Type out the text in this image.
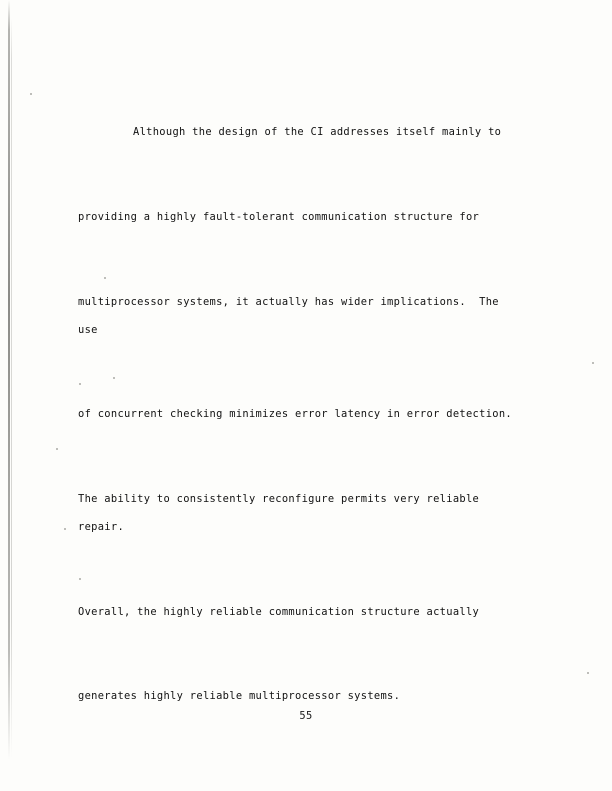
Although the design of the CI addresses itself mainly to

providing a highly fault-tolerant communication structure for

multiprocessor systems, it actually has wider implications.  The use

of concurrent checking minimizes error latency in error detection.

The ability to consistently reconfigure permits very reliable repair.

Overall, the highly reliable communication structure actually

generates highly reliable multiprocessor systems.

55
